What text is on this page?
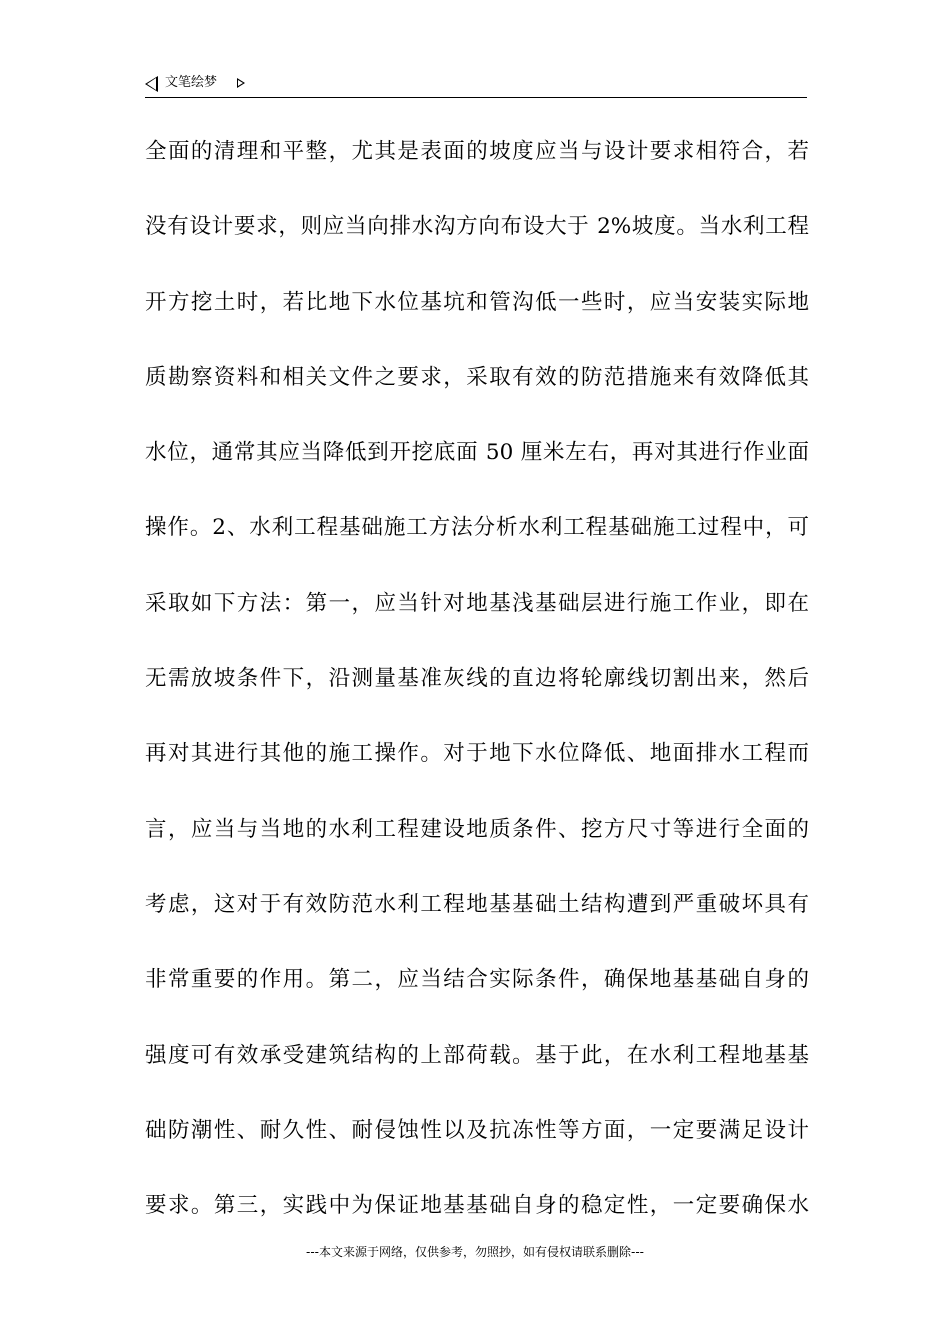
文笔绘梦
全面的清理和平整，尤其是表面的坡度应当与设计要求相符合，若
没有设计要求，则应当向排水沟方向布设大于 2%坡度。当水利工程
开方挖土时，若比地下水位基坑和管沟低一些时，应当安装实际地
质勘察资料和相关文件之要求，采取有效的防范措施来有效降低其
水位，通常其应当降低到开挖底面 50 厘米左右，再对其进行作业面
操作。2、水利工程基础施工方法分析水利工程基础施工过程中，可
采取如下方法：第一，应当针对地基浅基础层进行施工作业，即在
无需放坡条件下，沿测量基准灰线的直边将轮廓线切割出来，然后
再对其进行其他的施工操作。对于地下水位降低、地面排水工程而
言，应当与当地的水利工程建设地质条件、挖方尺寸等进行全面的
考虑，这对于有效防范水利工程地基基础土结构遭到严重破坏具有
非常重要的作用。第二，应当结合实际条件，确保地基基础自身的
强度可有效承受建筑结构的上部荷载。基于此，在水利工程地基基
础防潮性、耐久性、耐侵蚀性以及抗冻性等方面，一定要满足设计
要求。第三，实践中为保证地基基础自身的稳定性，一定要确保水
---本文来源于网络，仅供参考，勿照抄，如有侵权请联系删除---
